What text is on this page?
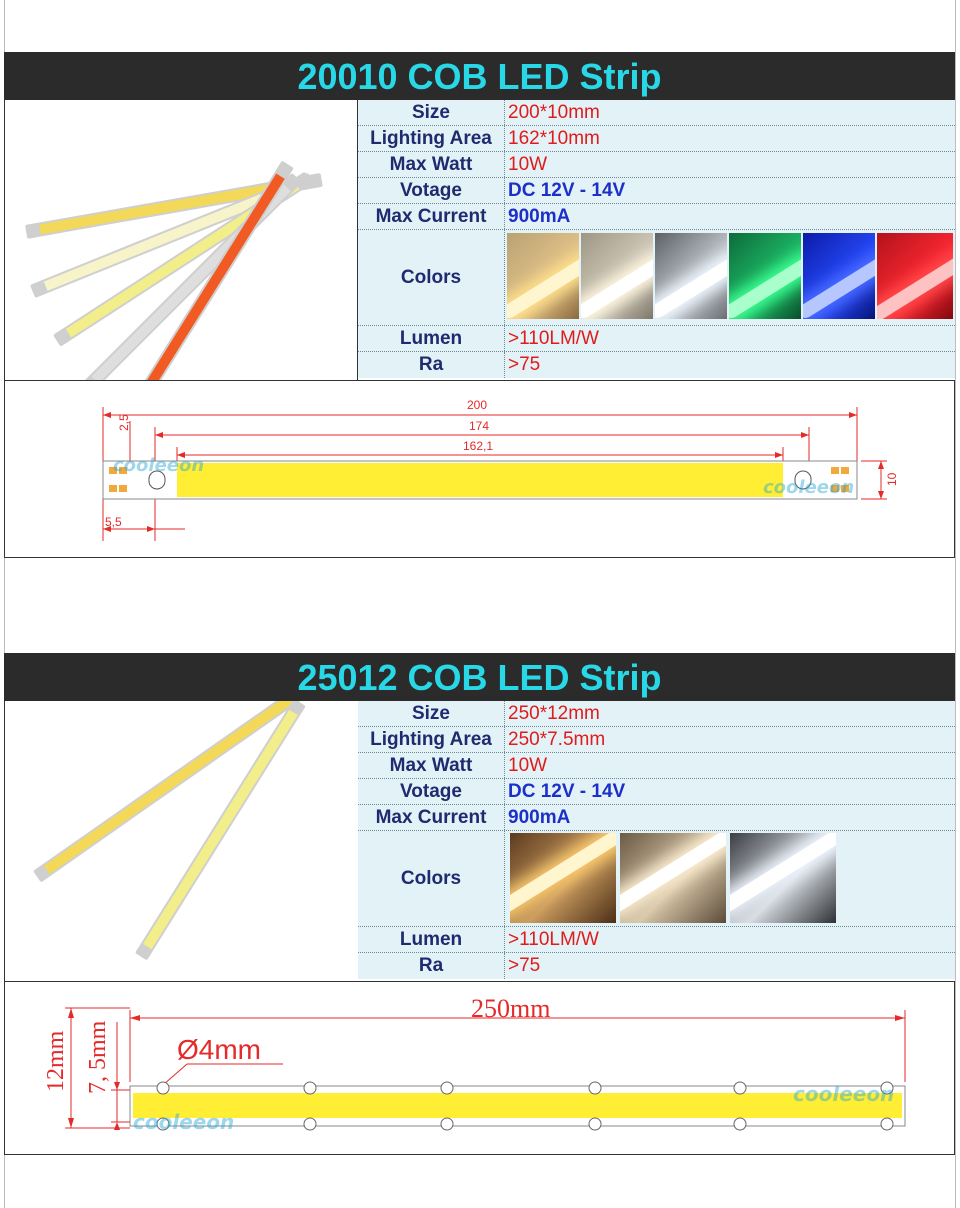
20010 COB LED Strip
Size	200*10mm
Lighting Area 162*10mm
Max Watt	10W
Votage	DC 12V - 14V
Max Current	900mA
Colors
Lumen	>110LM/W
Ra	>75
cooleeon
cooleeon
200
174
162,1
2,5
5,5
10
25012 COB LED Strip
Size	250*12mm
Lighting Area 250*7.5mm
Max Watt	10W
Votage	DC 12V - 14V
Max Current	900mA
Colors
Lumen	>110LM/W
Ra	>75
cooleeon
cooleeon
250mm
12mm 7, 5mm Ø4mm
